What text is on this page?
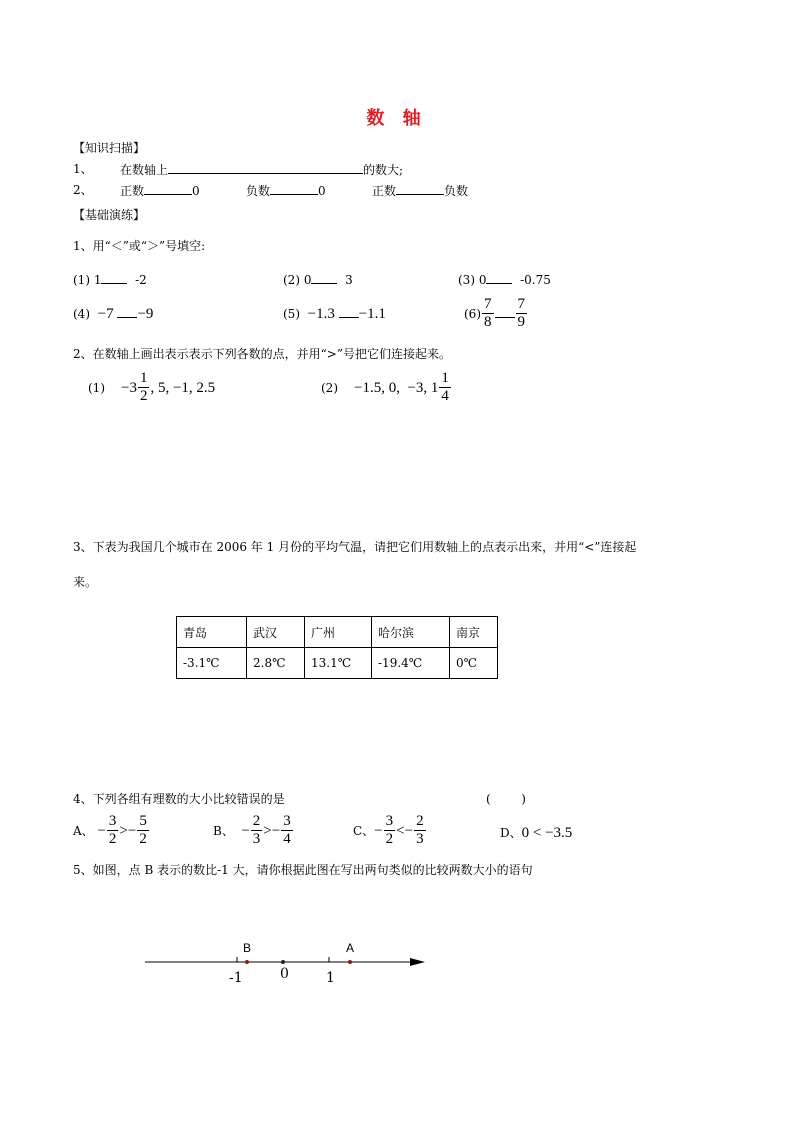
数 轴
【知识扫描】
1、 在数轴上	的数大;
2、 正数	0	负数	0	正数	负数
【基础演练】
1、用“＜”或“＞”号填空:
(1) 1	-2	(2) 0	3	(3) 0	-0.75
(4) −7 −9	(5) −1.3 −1.1	$(6) \frac{7}{8} \frac{7}{9}$
2、在数轴上画出表示表示下列各数的点，并用“>”号把它们连接起来。
$(1) -3 \frac{1}{2}$ , 5, −1, 2.5	(2) −1.5, 0,  −3, $1 \frac{1}{4}$
3、下表为我国几个城市在 2006 年 1 月份的平均气温，请把它们用数轴上的点表示出来，并用“<”连接起
来。
青岛	武汉	广州	哈尔滨	南京
-3.1℃	2.8℃	13.1℃	-19.4℃	0℃
4、下列各组有理数的大小比较错误的是	(        )
A、 − $\frac{3}{2}$ > − $\frac{5}{2}$	B、 − $\frac{2}{3}$ > − $\frac{3}{4}$	C、 − $\frac{3}{2}$ < − $\frac{2}{3}$	D、0 < −3.5
5、如图，点 B 表示的数比-1 大，请你根据此图在写出两句类似的比较两数大小的语句
B	A
-1	0	1
